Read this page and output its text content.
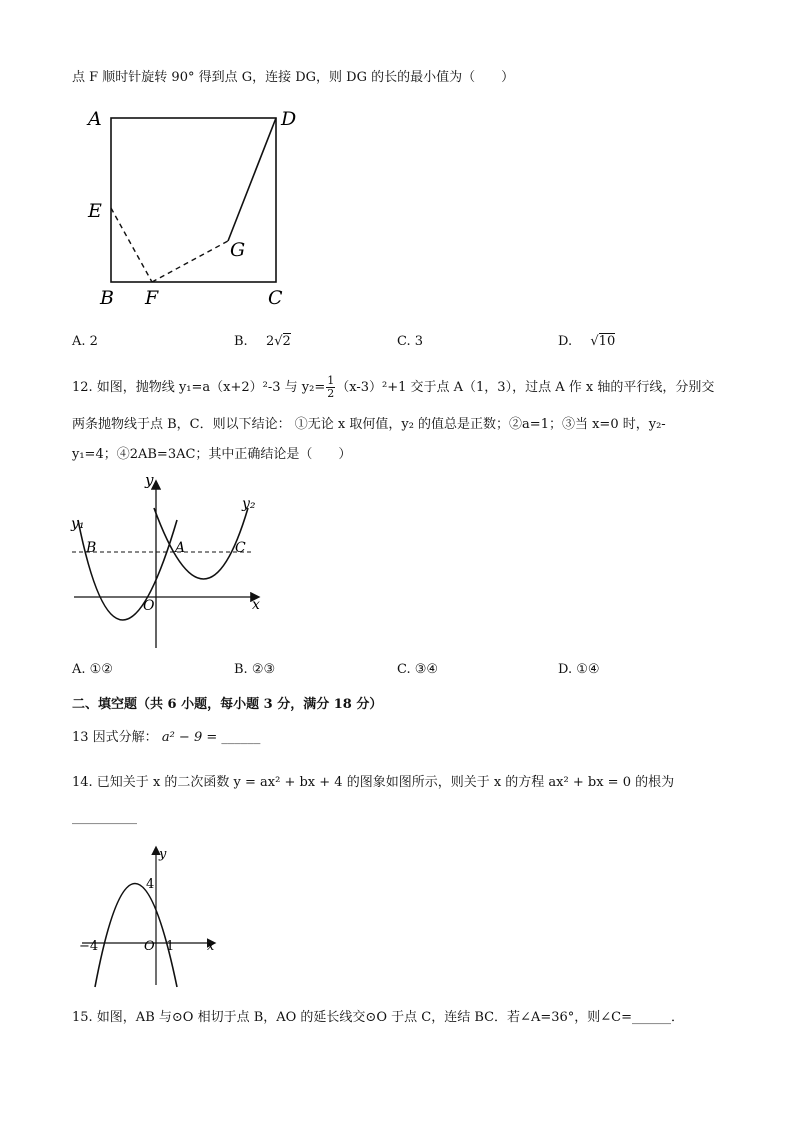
点 F 顺时针旋转 90° 得到点 G，连接 DG，则 DG 的长的最小值为（　　）
A	D
E
G
B F	C
A. 2	B. 2√2	C. 3	D. √10
12. 如图，抛物线 y₁=a（x+2）²-3 与 $y_2= \frac{1}{2} (x-3)^2+1$ 交于点 A（1，3），过点 A 作 x 轴的平行线，分别交
两条抛物线于点 B，C．则以下结论： ①无论 x 取何值，y₂ 的值总是正数；②a=1；③当 x=0 时，y₂-
y₁=4；④2AB=3AC；其中正确结论是（　　）
y
y₁
y₂
B	A	C
O	x
A. ①②	B. ②③	C. ③④	D. ①④
二、填空题（共 6 小题，每小题 3 分，满分 18 分）
13 因式分解： a² − 9 = ______
14. 已知关于 x 的二次函数 y = ax² + bx + 4 的图象如图所示，则关于 x 的方程 ax² + bx = 0 的根为
__________
y
4
−4	O 1	x
15. 如图，AB 与⊙O 相切于点 B，AO 的延长线交⊙O 于点 C，连结 BC．若∠A=36°，则∠C=______．
